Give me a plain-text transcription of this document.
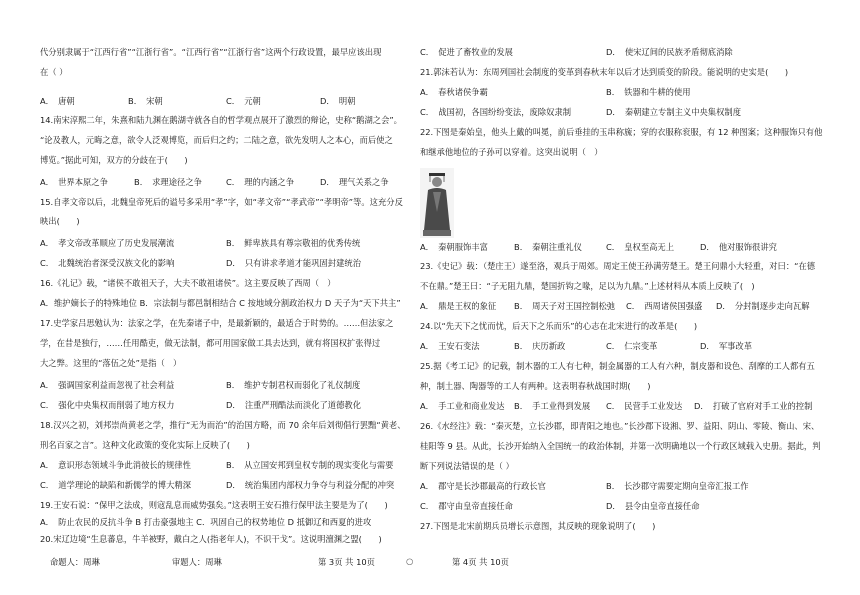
代分别隶属于“江西行省”“江浙行省”。“江西行省”“江浙行省”这两个行政设置，最早应该出现
在（ ）
A．　唐朝	B．　宋朝	C．　元朝	D．　明朝
14.南宋淳熙二年，朱熹和陆九渊在鹅湖寺就各自的哲学观点展开了激烈的辩论，史称“鹅湖之会”。
“论及教人，元晦之意，欲令人泛观博览，而后归之约；二陆之意，欲先发明人之本心，而后使之
博览。”据此可知，双方的分歧在于(　　)
A．　世界本原之争	B．　求理途径之争	C．　理的内涵之争	D．　理气关系之争
15.自孝文帝以后，北魏皇帝死后的谥号多采用“孝”字，如“孝文帝”“孝武帝”“孝明帝”等。这充分反
映出(　　)
A．　孝文帝改革顺应了历史发展潮流	B．　鲜卑族具有尊宗敬祖的优秀传统
C．　北魏统治者深受汉族文化的影响	D．　只有讲求孝道才能巩固封建统治
16.《礼记》载，“诸侯不敢祖天子，大夫不敢祖诸侯”。这主要反映了西周（　）
A．维护嫡长子的特殊地位 B．宗法制与都邑制相结合 C 按地域分割政治权力 D 天子为“天下共主”
17.史学家吕思勉认为：法家之学，在先秦诸子中，是最新颖的，最适合于时势的。……但法家之
学，在昔是独行，……任用酷吏，做无法制，都可用国家做工具去达到，就有将国权扩张得过
大之弊。这里的“落伍之处”是指（　）
A．　强调国家利益而忽视了社会利益	B．　维护专制君权而弱化了礼仪制度
C．　强化中央集权而削弱了地方权力	D．　注重严刑酷法而淡化了道德教化
18.汉兴之初，刘邦崇尚黄老之学，推行“无为而治”的治国方略，而 70 余年后刘彻倡行罢黜“黄老、
刑名百家之言”。这种文化政策的变化实际上反映了(　　)
A．　意识形态领域斗争此消彼长的规律性	B．　从立国安邦到皇权专制的现实变化与需要
C．　道学理论的缺陷和新儒学的博大精深	D．　统治集团内部权力争夺与利益分配的冲突
19.王安石说：“保甲之法成，则寇乱息而威势强矣。”这表明王安石推行保甲法主要是为了(　　)
A．　防止农民的反抗斗争 B 打击豪强地主 C．巩固自己的权势地位 D 抵御辽和西夏的进攻
20.宋辽边境“生息蕃息，牛羊被野，戴白之人(指老年人)，不识干戈”。这说明澶渊之盟(　　)
C．　促进了畜牧业的发展	D．　使宋辽间的民族矛盾彻底消除
21.郭沫若认为：东周列国社会制度的变革到春秋末年以后才达到质变的阶段。能说明的史实是(　　)
A．　春秋诸侯争霸	B．　铁器和牛耕的使用
C．　战国初，各国纷纷变法，废除奴隶制	D．　秦朝建立专制主义中央集权制度
22.下图是秦始皇，他头上戴的叫冕，前后垂挂的玉串称旒；穿的衣服称衮服，有 12 种图案；这种服饰只有他
和继承他地位的子孙可以穿着。这突出说明（　）
A．　秦朝服饰丰富	B．　秦朝注重礼仪	C．　皇权至高无上	D．　他对服饰很讲究
23.《史记》载：（楚庄王）遂至洛，观兵于周郊。周定王使王孙满劳楚王。楚王问鼎小大轻重，对曰：“在德
不在鼎。”楚王曰：“子无阻九鼎，楚国折钩之喙，足以为九鼎。”上述材料从本质上反映了(　)
A．　鼎是王权的象征 B．　周天子对王国控制松弛 C．　西周诸侯国强盛 D．　分封制逐步走向瓦解
24.以“先天下之忧而忧，后天下之乐而乐”的心志在北宋进行的改革是(　　)
A．　王安石变法	B．　庆历新政	C．　仁宗变革	D．　军事改革
25.据《考工记》的记载，制木器的工人有七种，制金属器的工人有六种，制皮器和设色、刮摩的工人都有五
种，制土器、陶器等的工人有两种。这表明春秋战国时期(　　)
A．　手工业和商业发达 B．　手工业得到发展 C．　民营手工业发达 D．　打破了官府对手工业的控制
26.《水经注》载：“秦灭楚，立长沙郡，即青阳之地也。”长沙郡下设湘、罗、益阳、阴山、零陵、衡山、宋、
桂阳等 9 县。从此，长沙开始纳入全国统一的政治体制，并第一次明确地以一个行政区域载入史册。据此，判
断下列说法错误的是（ ）
A．　郡守是长沙郡最高的行政长官	B．　长沙郡守需要定期向皇帝汇报工作
C．　郡守由皇帝直接任命	D．　县令由皇帝直接任命
27.下图是北宋前期兵员增长示意图，其反映的现象说明了(　　)
命题人：周琳	审题人：周琳	第 3页 共 10页	○	第 4页 共 10页
